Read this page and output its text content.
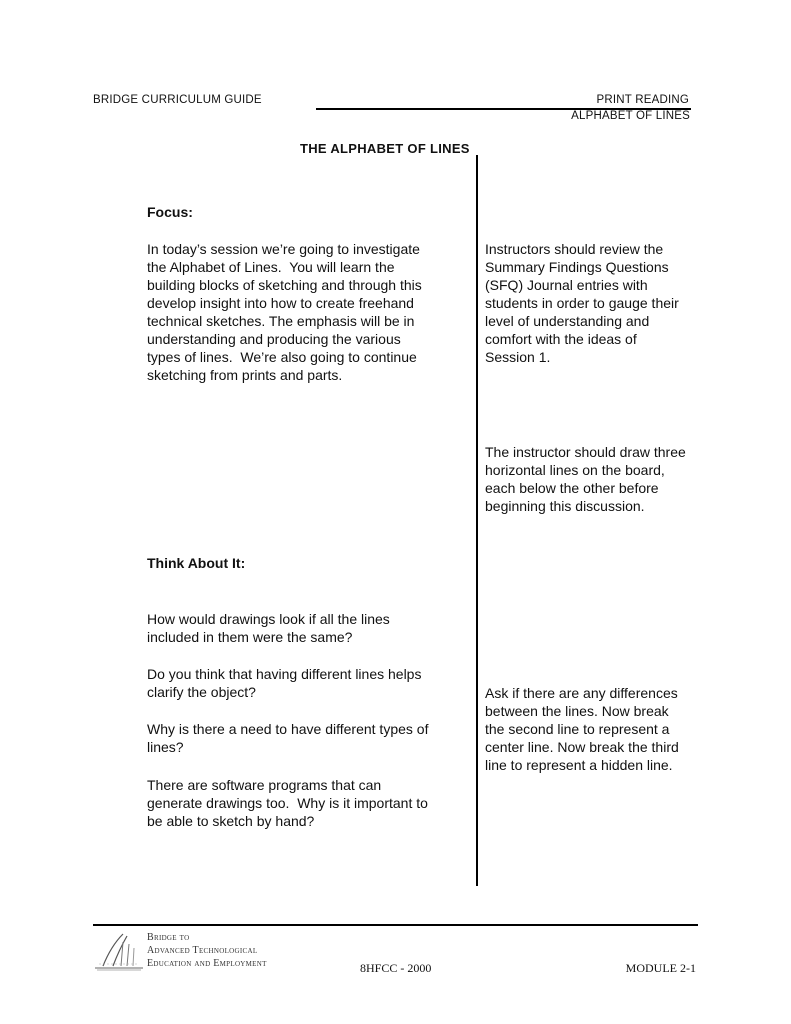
BRIDGE CURRICULUM GUIDE	PRINT READING
ALPHABET OF LINES
THE ALPHABET OF LINES
Focus:
In today’s session we’re going to investigate
the Alphabet of Lines.  You will learn the
building blocks of sketching and through this
develop insight into how to create freehand
technical sketches. The emphasis will be in
understanding and producing the various
types of lines.  We’re also going to continue
sketching from prints and parts.
Think About It:
How would drawings look if all the lines
included in them were the same?
Do you think that having different lines helps
clarify the object?
Why is there a need to have different types of
lines?
There are software programs that can
generate drawings too.  Why is it important to
be able to sketch by hand?
Instructors should review the
Summary Findings Questions
(SFQ) Journal entries with
students in order to gauge their
level of understanding and
comfort with the ideas of
Session 1.
The instructor should draw three
horizontal lines on the board,
each below the other before
beginning this discussion.
Ask if there are any differences
between the lines. Now break
the second line to represent a
center line. Now break the third
line to represent a hidden line.
Bridge to
Advanced Technological
Education and Employment	8HFCC - 2000	MODULE 2-1
